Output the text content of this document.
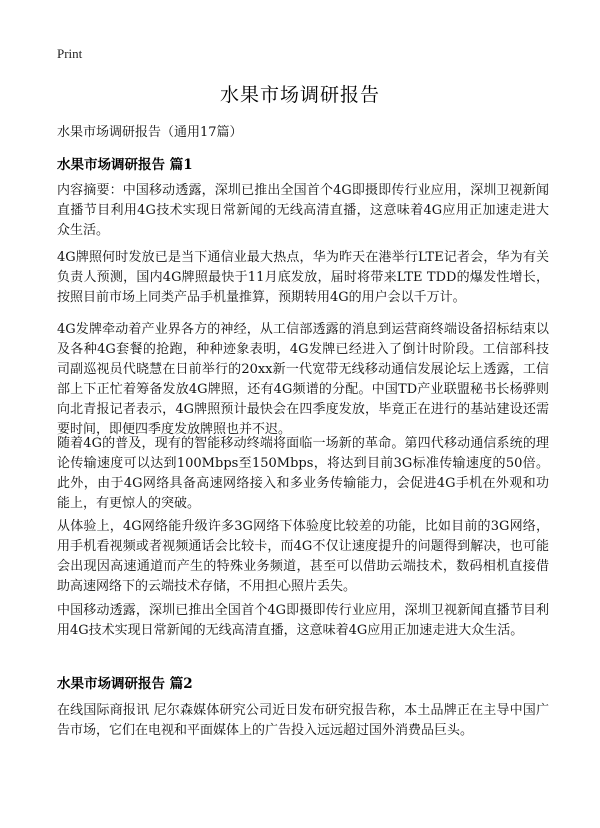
Print
水果市场调研报告
水果市场调研报告（通用17篇）
水果市场调研报告 篇1

内容摘要：中国移动透露，深圳已推出全国首个4G即摄即传行业应用，深圳卫视新闻直播节目利用4G技术实现日常新闻的无线高清直播，这意味着4G应用正加速走进大众生活。

4G牌照何时发放已是当下通信业最大热点，华为昨天在港举行LTE记者会，华为有关负责人预测，国内4G牌照最快于11月底发放，届时将带来LTE TDD的爆发性增长，按照目前市场上同类产品手机量推算，预期转用4G的用户会以千万计。

4G发牌牵动着产业界各方的神经，从工信部透露的消息到运营商终端设备招标结束以及各种4G套餐的抢跑，种种迹象表明，4G发牌已经进入了倒计时阶段。工信部科技司副巡视员代晓慧在日前举行的20xx新一代宽带无线移动通信发展论坛上透露，工信部上下正忙着筹备发放4G牌照，还有4G频谱的分配。中国TD产业联盟秘书长杨骅则向北青报记者表示，4G牌照预计最快会在四季度发放，毕竟正在进行的基站建设还需要时间，即便四季度发放牌照也并不迟。

随着4G的普及，现有的智能移动终端将面临一场新的革命。第四代移动通信系统的理论传输速度可以达到100Mbps至150Mbps，将达到目前3G标准传输速度的50倍。此外，由于4G网络具备高速网络接入和多业务传输能力，会促进4G手机在外观和功能上，有更惊人的突破。

从体验上，4G网络能升级许多3G网络下体验度比较差的功能，比如目前的3G网络，用手机看视频或者视频通话会比较卡，而4G不仅让速度提升的问题得到解决，也可能会出现因高速通道而产生的特殊业务频道，甚至可以借助云端技术，数码相机直接借助高速网络下的云端技术存储，不用担心照片丢失。

中国移动透露，深圳已推出全国首个4G即摄即传行业应用，深圳卫视新闻直播节目利用4G技术实现日常新闻的无线高清直播，这意味着4G应用正加速走进大众生活。

水果市场调研报告 篇2

在线国际商报讯 尼尔森媒体研究公司近日发布研究报告称，本土品牌正在主导中国广告市场，它们在电视和平面媒体上的广告投入远远超过国外消费品巨头。
